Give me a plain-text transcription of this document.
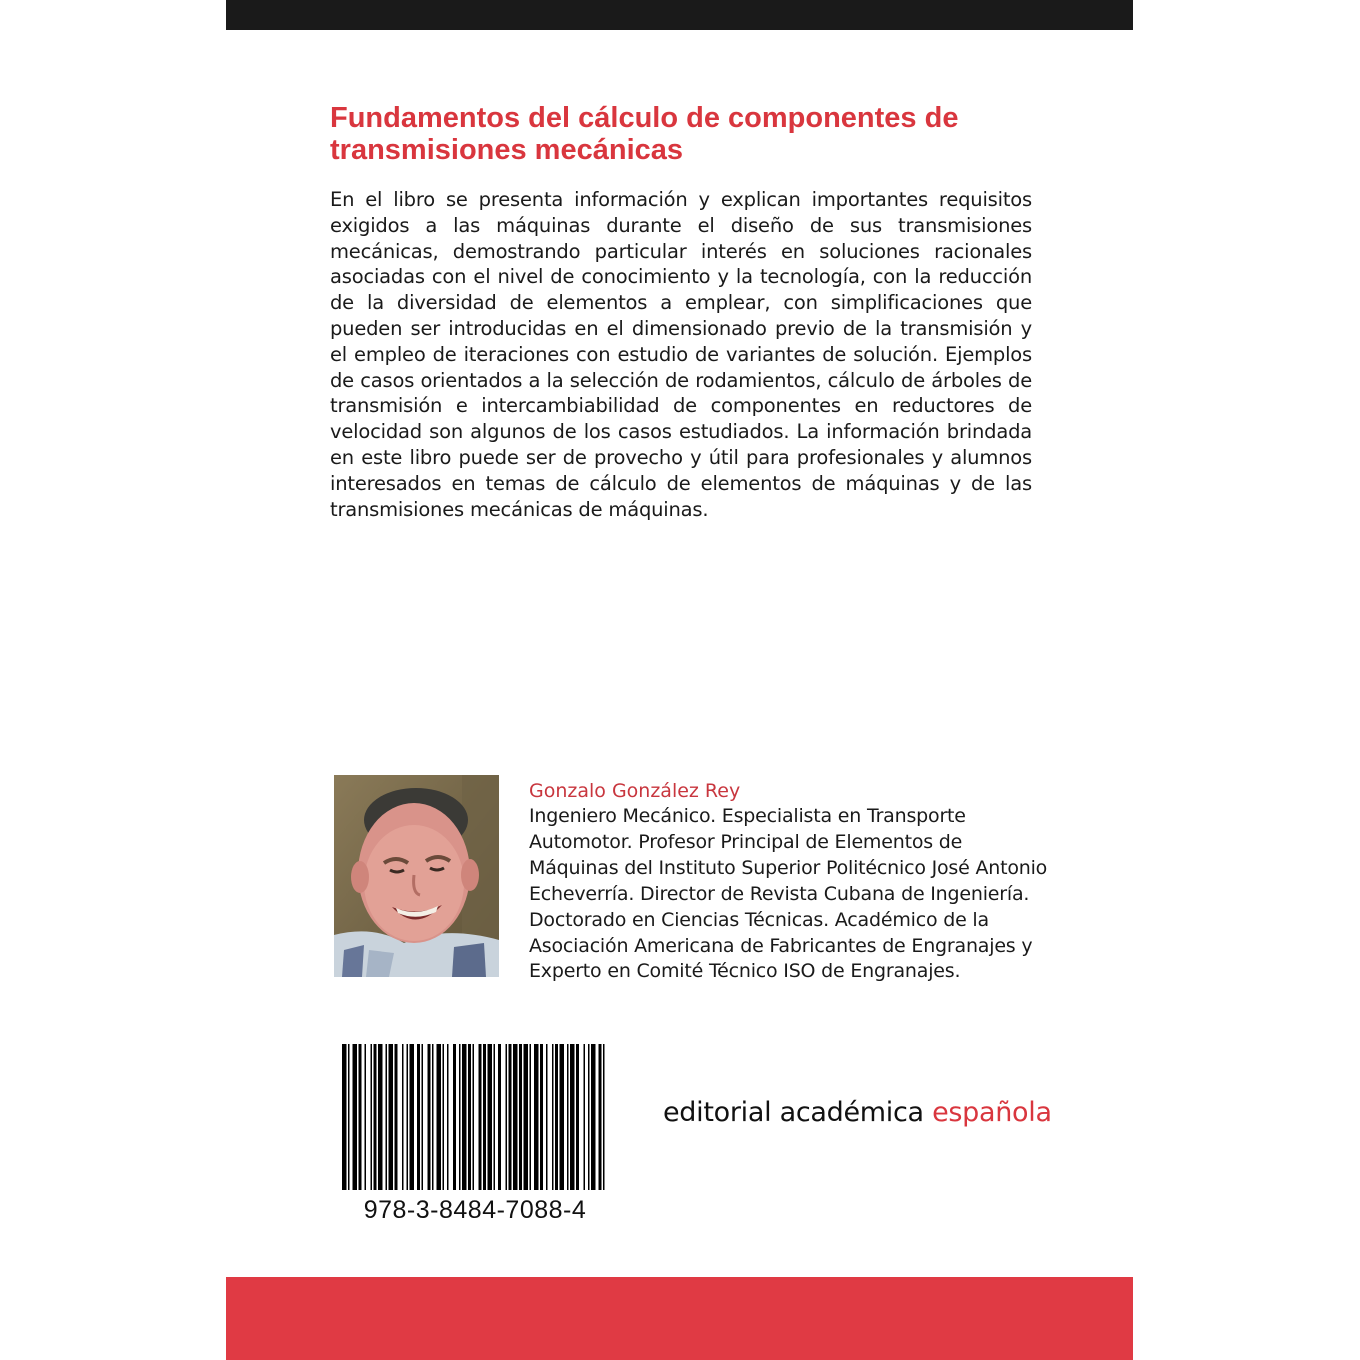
Fundamentos del cálculo de componentes de transmisiones mecánicas

En el libro se presenta información y explican importantes requisitos exigidos a las máquinas durante el diseño de sus transmisiones mecánicas, demostrando particular interés en soluciones racionales asociadas con el nivel de conocimiento y la tecnología, con la reducción de la diversidad de elementos a emplear, con simplificaciones que pueden ser introducidas en el dimensionado previo de la transmisión y el empleo de iteraciones con estudio de variantes de solución. Ejemplos de casos orientados a la selección de rodamientos, cálculo de árboles de transmisión e intercambiabilidad de componentes en reductores de velocidad son algunos de los casos estudiados. La información brindada en este libro puede ser de provecho y útil para profesionales y alumnos interesados en temas de cálculo de elementos de máquinas y de las transmisiones mecánicas de máquinas.

Gonzalo González Rey

Ingeniero Mecánico. Especialista en Transporte Automotor. Profesor Principal de Elementos de Máquinas del Instituto Superior Politécnico José Antonio Echeverría. Director de Revista Cubana de Ingeniería. Doctorado en Ciencias Técnicas. Académico de la Asociación Americana de Fabricantes de Engranajes y Experto en Comité Técnico ISO de Engranajes.

978-3-8484-7088-4

editorial académica española
